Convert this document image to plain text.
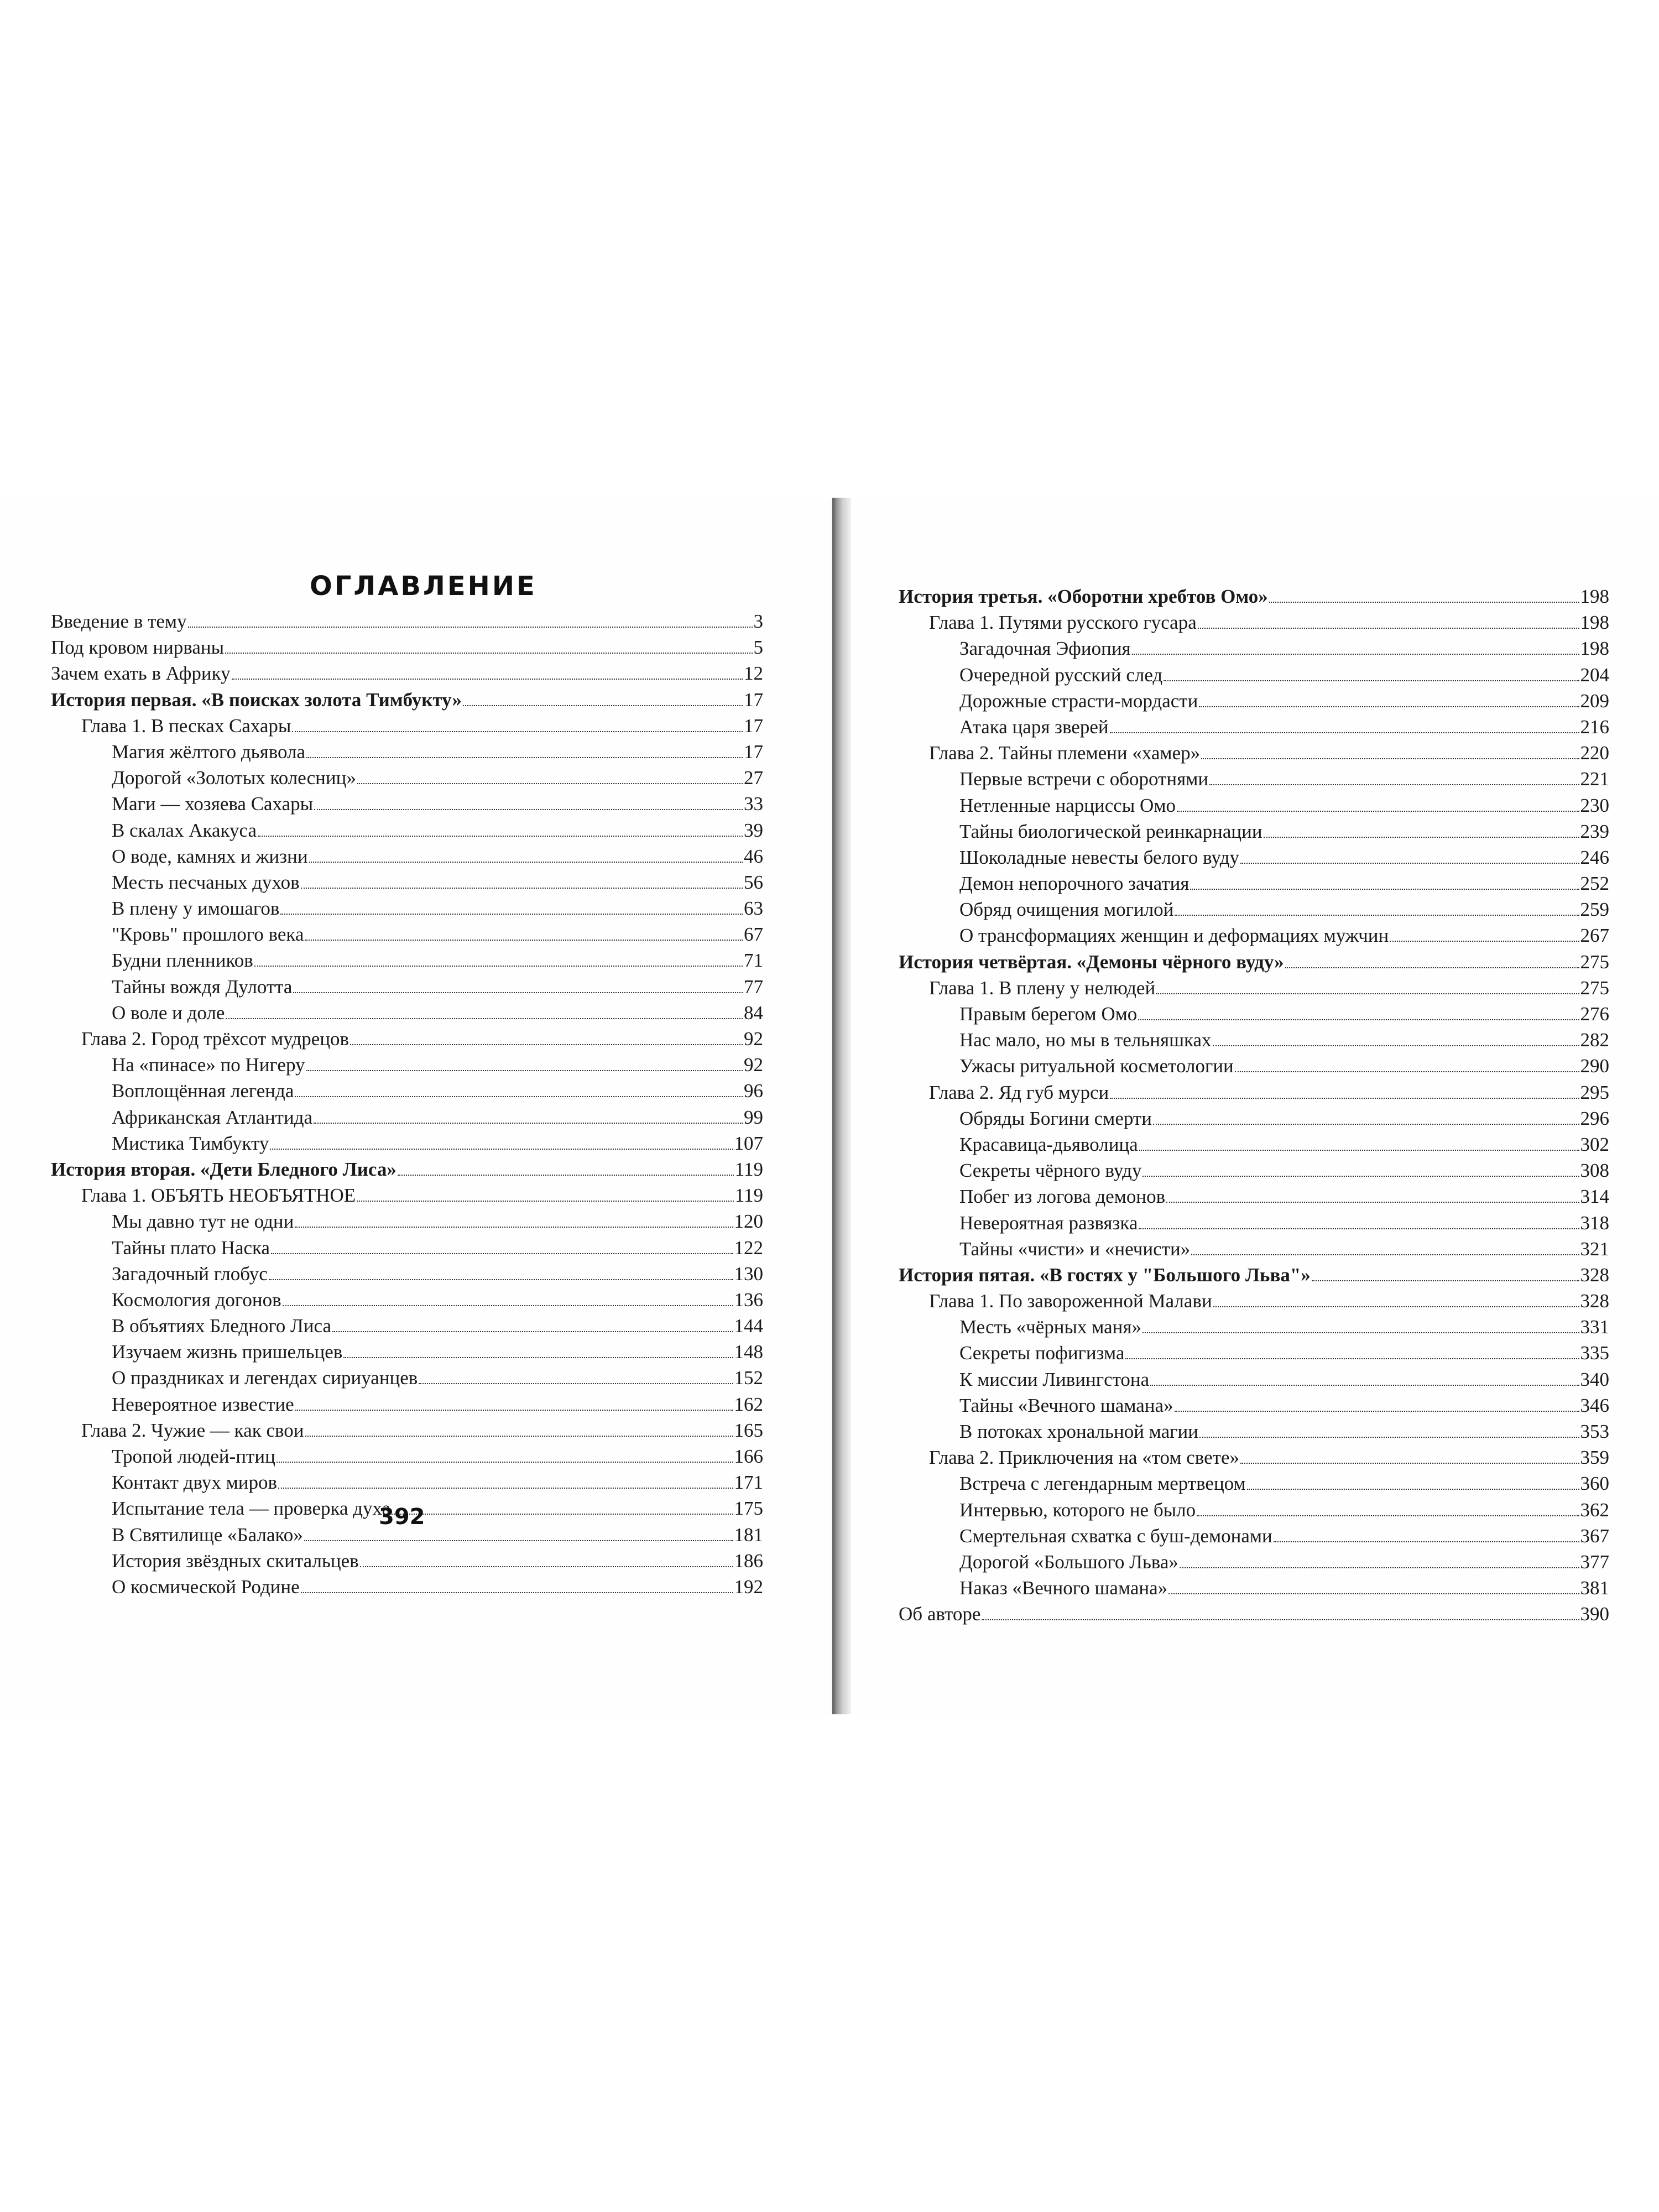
ОГЛАВЛЕНИЕ
Введение в тему	3
Под кровом нирваны	5
Зачем ехать в Африку	12
История первая. «В поисках золота Тимбукту»	17
Глава 1. В песках Сахары	17
Магия жёлтого дьявола	17
Дорогой «Золотых колесниц»	27
Маги — хозяева Сахары	33
В скалах Акакуса	39
О воде, камнях и жизни	46
Месть песчаных духов	56
В плену у имошагов	63
"Кровь" прошлого века	67
Будни пленников	71
Тайны вождя Дулотта	77
О воле и доле	84
Глава 2. Город трёхсот мудрецов	92
На «пинасе» по Нигеру	92
Воплощённая легенда	96
Африканская Атлантида	99
Мистика Тимбукту	107
История вторая. «Дети Бледного Лиса»	119
Глава 1. ОБЪЯТЬ НЕОБЪЯТНОЕ	119
Мы давно тут не одни	120
Тайны плато Наска	122
Загадочный глобус	130
Космология догонов	136
В объятиях Бледного Лиса	144
Изучаем жизнь пришельцев	148
О праздниках и легендах сириуанцев	152
Невероятное известие	162
Глава 2. Чужие — как свои	165
Тропой людей-птиц	166
Контакт двух миров	171
Испытание тела — проверка духа	175
В Святилище «Балако»	181
История звёздных скитальцев	186
О космической Родине	192
392
История третья. «Оборотни хребтов Омо»	198
Глава 1. Путями русского гусара	198
Загадочная Эфиопия	198
Очередной русский след	204
Дорожные страсти-мордасти	209
Атака царя зверей	216
Глава 2. Тайны племени «хамер»	220
Первые встречи с оборотнями	221
Нетленные нарциссы Омо	230
Тайны биологической реинкарнации	239
Шоколадные невесты белого вуду	246
Демон непорочного зачатия	252
Обряд очищения могилой	259
О трансформациях женщин и деформациях мужчин	267
История четвёртая. «Демоны чёрного вуду»	275
Глава 1. В плену у нелюдей	275
Правым берегом Омо	276
Нас мало, но мы в тельняшках	282
Ужасы ритуальной косметологии	290
Глава 2. Яд губ мурси	295
Обряды Богини смерти	296
Красавица-дьяволица	302
Секреты чёрного вуду	308
Побег из логова демонов	314
Невероятная развязка	318
Тайны «чисти» и «нечисти»	321
История пятая. «В гостях у "Большого Льва"»	328
Глава 1. По завороженной Малави	328
Месть «чёрных маня»	331
Секреты пофигизма	335
К миссии Ливингстона	340
Тайны «Вечного шамана»	346
В потоках хрональной магии	353
Глава 2. Приключения на «том свете»	359
Встреча с легендарным мертвецом	360
Интервью, которого не было	362
Смертельная схватка с буш-демонами	367
Дорогой «Большого Льва»	377
Наказ «Вечного шамана»	381
Об авторе	390
